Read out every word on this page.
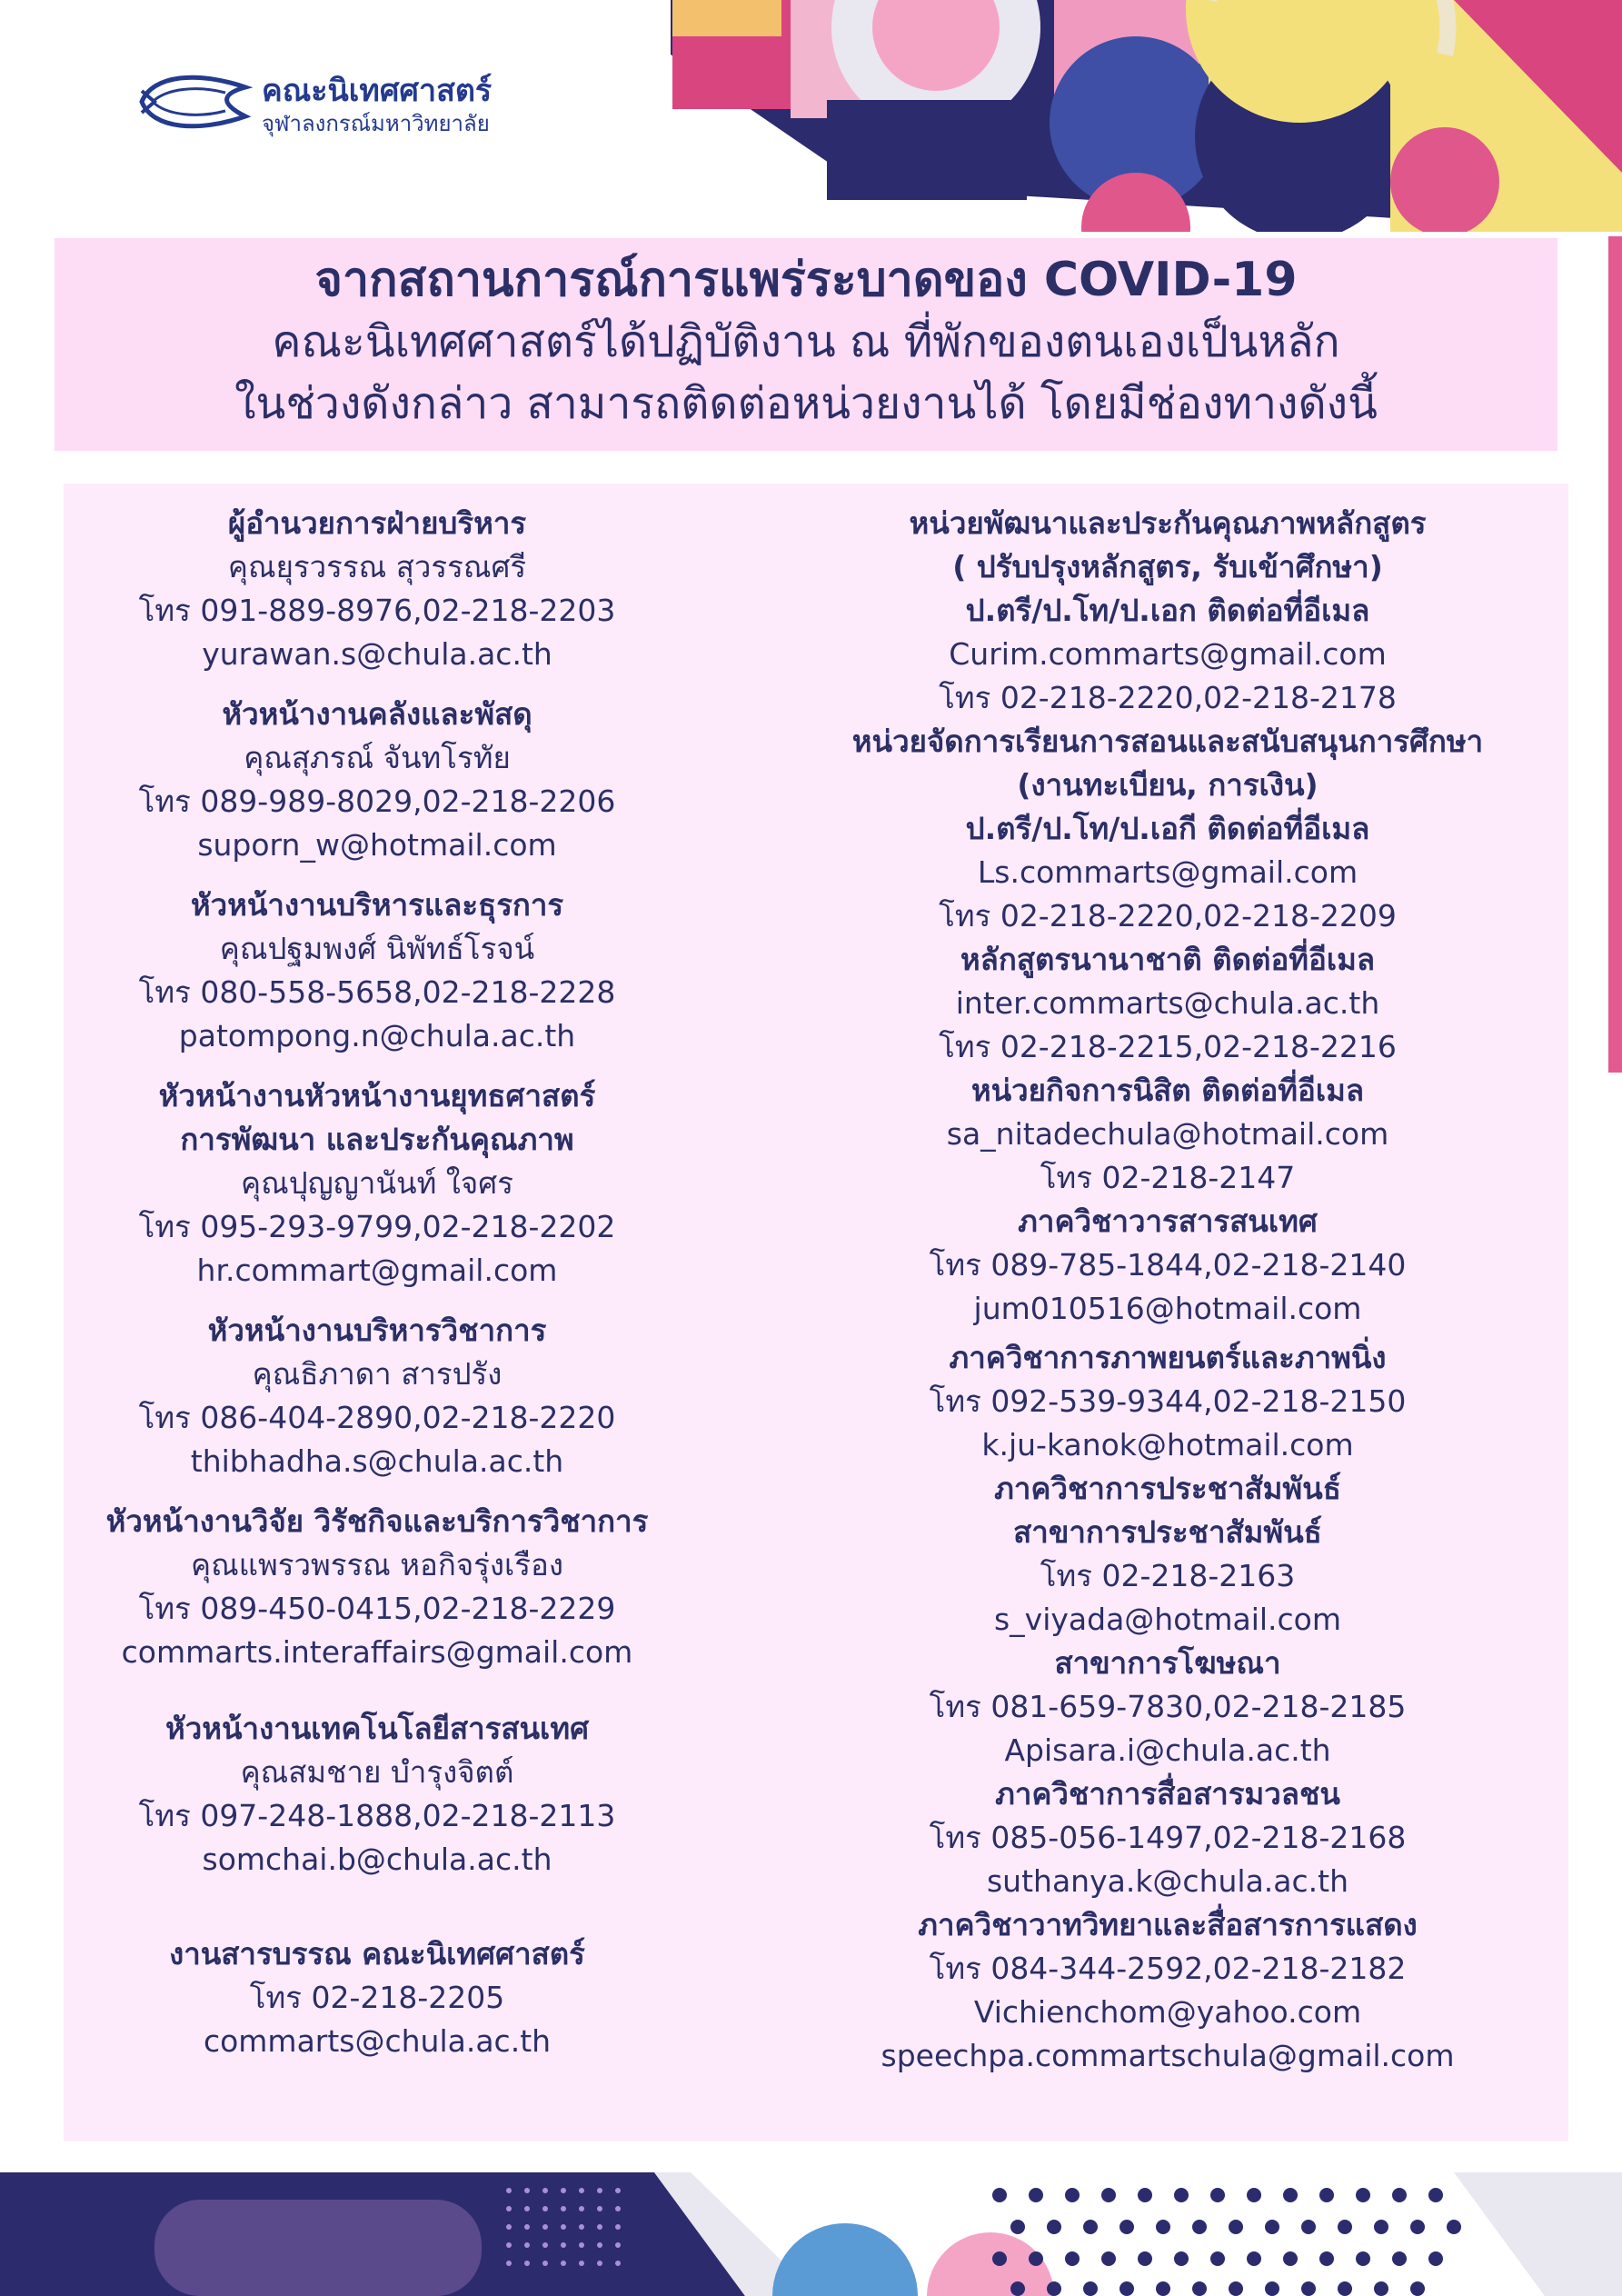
คณะนิเทศศาสตร์
จุฬาลงกรณ์มหาวิทยาลัย
จากสถานการณ์การแพร่ระบาดของ COVID-19
คณะนิเทศศาสตร์ได้ปฏิบัติงาน ณ ที่พักของตนเองเป็นหลัก
ในช่วงดังกล่าว สามารถติดต่อหน่วยงานได้ โดยมีช่องทางดังนี้
ผู้อำนวยการฝ่ายบริหาร
คุณยุรวรรณ สุวรรณศรี
โทร 091-889-8976,02-218-2203
yurawan.s@chula.ac.th
หัวหน้างานคลังและพัสดุ
คุณสุภรณ์ จันทโรทัย
โทร 089-989-8029,02-218-2206
suporn_w@hotmail.com
หัวหน้างานบริหารและธุรการ
คุณปฐมพงศ์ นิพัทธ์โรจน์
โทร 080-558-5658,02-218-2228
patompong.n@chula.ac.th
หัวหน้างานหัวหน้างานยุทธศาสตร์
การพัฒนา และประกันคุณภาพ
คุณปุญญานันท์ ใจศร
โทร 095-293-9799,02-218-2202
hr.commart@gmail.com
หัวหน้างานบริหารวิชาการ
คุณธิภาดา สารปรัง
โทร 086-404-2890,02-218-2220
thibhadha.s@chula.ac.th
หัวหน้างานวิจัย วิรัชกิจและบริการวิชาการ
คุณแพรวพรรณ หอกิจรุ่งเรือง
โทร 089-450-0415,02-218-2229
commarts.interaffairs@gmail.com
หัวหน้างานเทคโนโลยีสารสนเทศ
คุณสมชาย บำรุงจิตต์
โทร 097-248-1888,02-218-2113
somchai.b@chula.ac.th
งานสารบรรณ คณะนิเทศศาสตร์
โทร 02-218-2205
commarts@chula.ac.th
หน่วยพัฒนาและประกันคุณภาพหลักสูตร
( ปรับปรุงหลักสูตร, รับเข้าศึกษา)
ป.ตรี/ป.โท/ป.เอก ติดต่อที่อีเมล
Curim.commarts@gmail.com
โทร 02-218-2220,02-218-2178
หน่วยจัดการเรียนการสอนและสนับสนุนการศึกษา
(งานทะเบียน, การเงิน)
ป.ตรี/ป.โท/ป.เอกี ติดต่อที่อีเมล
Ls.commarts@gmail.com
โทร 02-218-2220,02-218-2209
หลักสูตรนานาชาติ ติดต่อที่อีเมล
inter.commarts@chula.ac.th
โทร 02-218-2215,02-218-2216
หน่วยกิจการนิสิต ติดต่อที่อีเมล
sa_nitadechula@hotmail.com
โทร 02-218-2147
ภาควิชาวารสารสนเทศ
โทร 089-785-1844,02-218-2140
jum010516@hotmail.com
ภาควิชาการภาพยนตร์และภาพนิ่ง
โทร 092-539-9344,02-218-2150
k.ju-kanok@hotmail.com
ภาควิชาการประชาสัมพันธ์
สาขาการประชาสัมพันธ์
โทร 02-218-2163
s_viyada@hotmail.com
สาขาการโฆษณา
โทร 081-659-7830,02-218-2185
Apisara.i@chula.ac.th
ภาควิชาการสื่อสารมวลชน
โทร 085-056-1497,02-218-2168
suthanya.k@chula.ac.th
ภาควิชาวาทวิทยาและสื่อสารการแสดง
โทร 084-344-2592,02-218-2182
Vichienchom@yahoo.com
speechpa.commartschula@gmail.com
